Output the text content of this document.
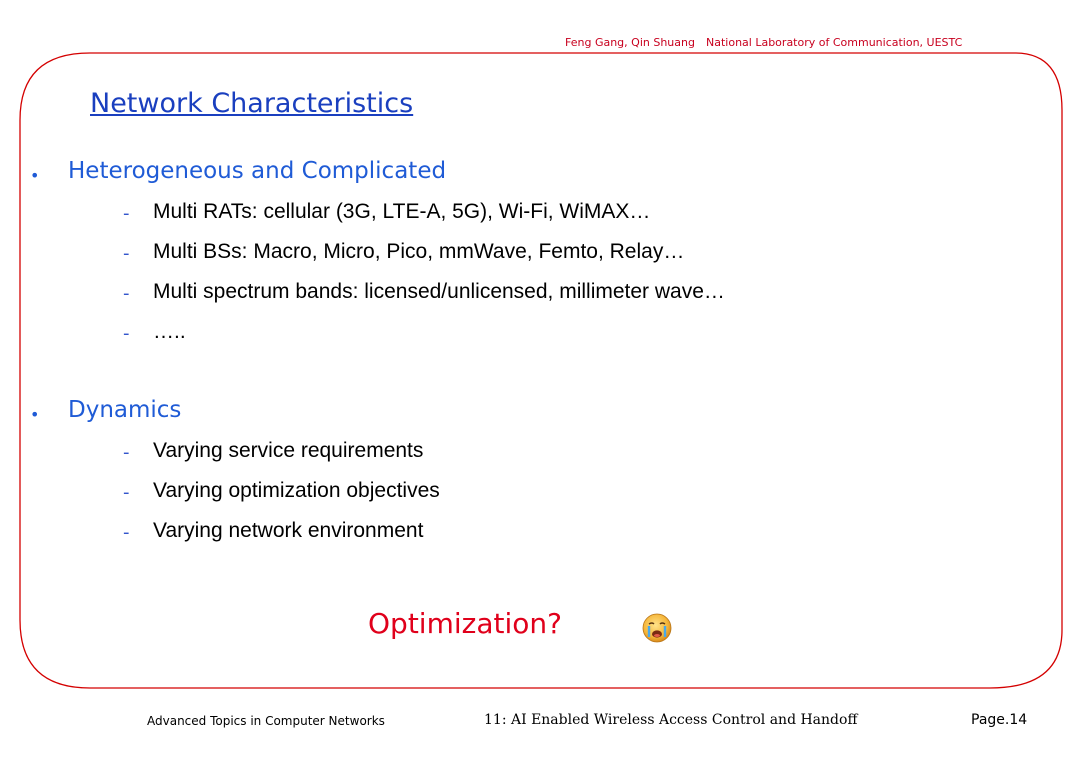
Feng Gang, Qin Shuang National Laboratory of Communication, UESTC
Network Characteristics
• Heterogeneous and Complicated
- Multi RATs: cellular (3G, LTE-A, 5G), Wi-Fi, WiMAX…
- Multi BSs: Macro, Micro, Pico, mmWave, Femto, Relay…
- Multi spectrum bands: licensed/unlicensed, millimeter wave…
- …..
• Dynamics
- Varying service requirements
- Varying optimization objectives
- Varying network environment
Optimization?
Advanced Topics in Computer Networks	11: AI Enabled Wireless Access Control and Handoff	Page.14
